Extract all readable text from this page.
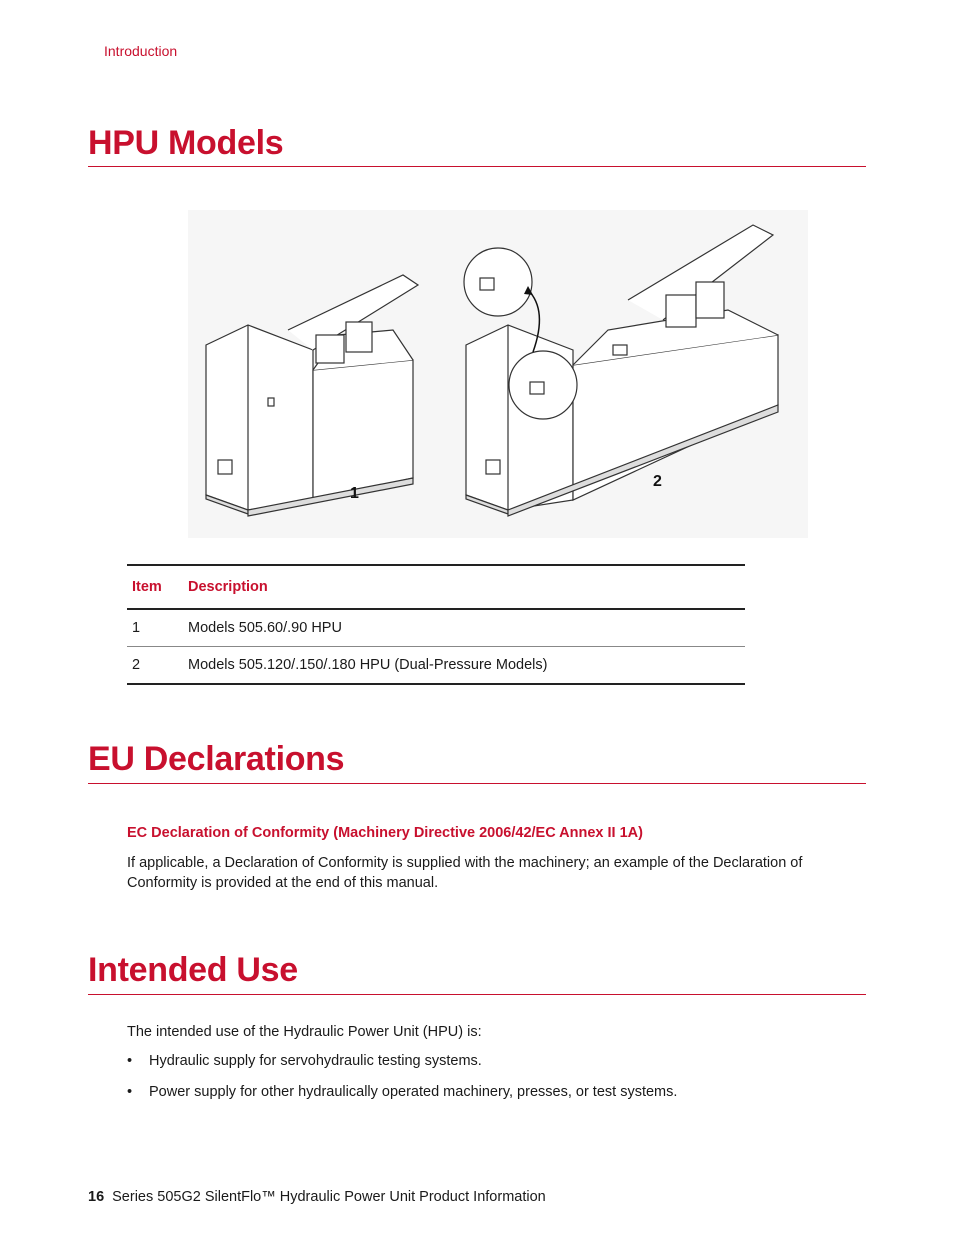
Introduction
HPU Models
1
2
Item Description
1	Models 505.60/.90 HPU
2	Models 505.120/.150/.180 HPU (Dual-Pressure Models)
EU Declarations
EC Declaration of Conformity (Machinery Directive 2006/42/EC Annex II 1A)
If applicable, a Declaration of Conformity is supplied with the machinery; an example of the Declaration of Conformity is provided at the end of this manual.
Intended Use
The intended use of the Hydraulic Power Unit (HPU) is:
• Hydraulic supply for servohydraulic testing systems.
• Power supply for other hydraulically operated machinery, presses, or test systems.
16 Series 505G2 SilentFlo™ Hydraulic Power Unit Product Information
